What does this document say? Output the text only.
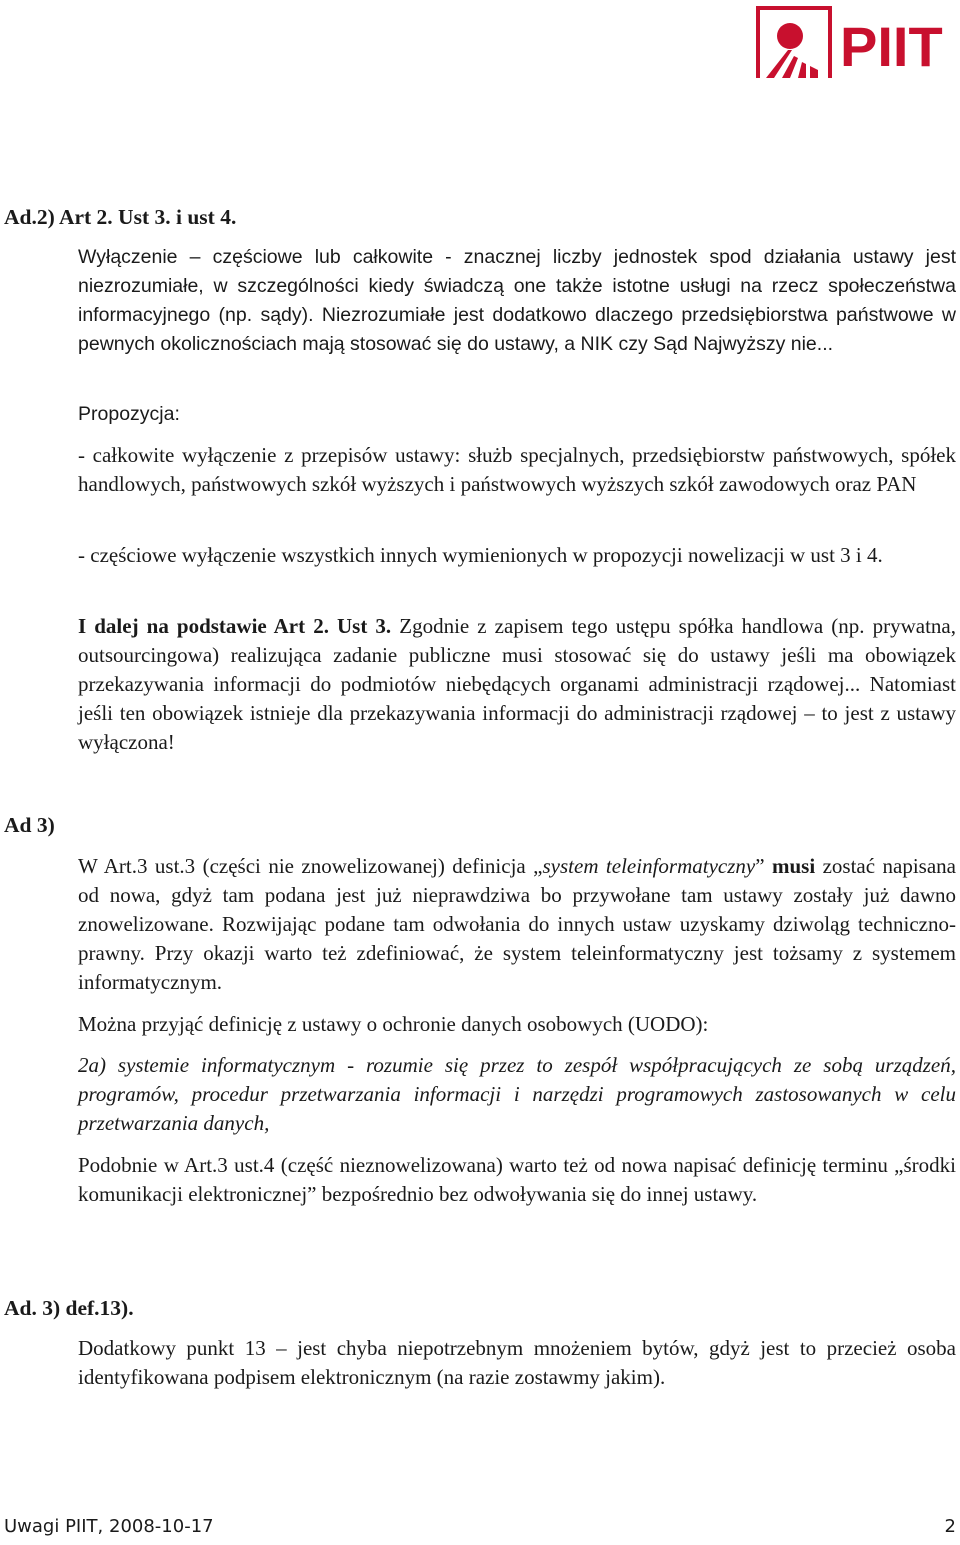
PIIT
Ad.2) Art 2. Ust 3. i ust 4.

Wyłączenie – częściowe lub całkowite - znacznej liczby jednostek spod działania ustawy jest niezrozumiałe, w szczególności kiedy świadczą one także istotne usługi na rzecz społeczeństwa informacyjnego (np. sądy). Niezrozumiałe jest dodatkowo dlaczego przedsiębiorstwa państwowe w pewnych okolicznościach mają stosować się do ustawy, a NIK czy Sąd Najwyższy nie...

Propozycja:

- całkowite wyłączenie z przepisów ustawy: służb specjalnych, przedsiębiorstw państwowych, spółek handlowych, państwowych szkół wyższych i państwowych wyższych szkół zawodowych oraz PAN

- częściowe wyłączenie wszystkich innych wymienionych w propozycji nowelizacji w ust 3 i 4.

I dalej na podstawie Art 2. Ust 3. Zgodnie z zapisem tego ustępu spółka handlowa (np. prywatna, outsourcingowa) realizująca zadanie publiczne musi stosować się do ustawy jeśli ma obowiązek przekazywania informacji do podmiotów niebędących organami administracji rządowej... Natomiast jeśli ten obowiązek istnieje dla przekazywania informacji do administracji rządowej – to jest z ustawy wyłączona!

Ad 3)

W Art.3 ust.3 (części nie znowelizowanej) definicja „system teleinformatyczny” musi zostać napisana od nowa, gdyż tam podana jest już nieprawdziwa bo przywołane tam ustawy zostały już dawno znowelizowane. Rozwijając podane tam odwołania do innych ustaw uzyskamy dziwoląg techniczno-prawny. Przy okazji warto też zdefiniować, że system teleinformatyczny jest tożsamy z systemem informatycznym.

Można przyjąć definicję z ustawy o ochronie danych osobowych (UODO):

2a) systemie informatycznym - rozumie się przez to zespół współpracujących ze sobą urządzeń, programów, procedur przetwarzania informacji i narzędzi programowych zastosowanych w celu przetwarzania danych,

Podobnie w Art.3 ust.4 (część nieznowelizowana) warto też od nowa napisać definicję terminu „środki komunikacji elektronicznej” bezpośrednio bez odwoływania się do innej ustawy.

Ad. 3) def.13).

Dodatkowy punkt 13 – jest chyba niepotrzebnym mnożeniem bytów, gdyż jest to przecież osoba identyfikowana podpisem elektronicznym (na razie zostawmy jakim).

Uwagi PIIT, 2008-10-17	2
